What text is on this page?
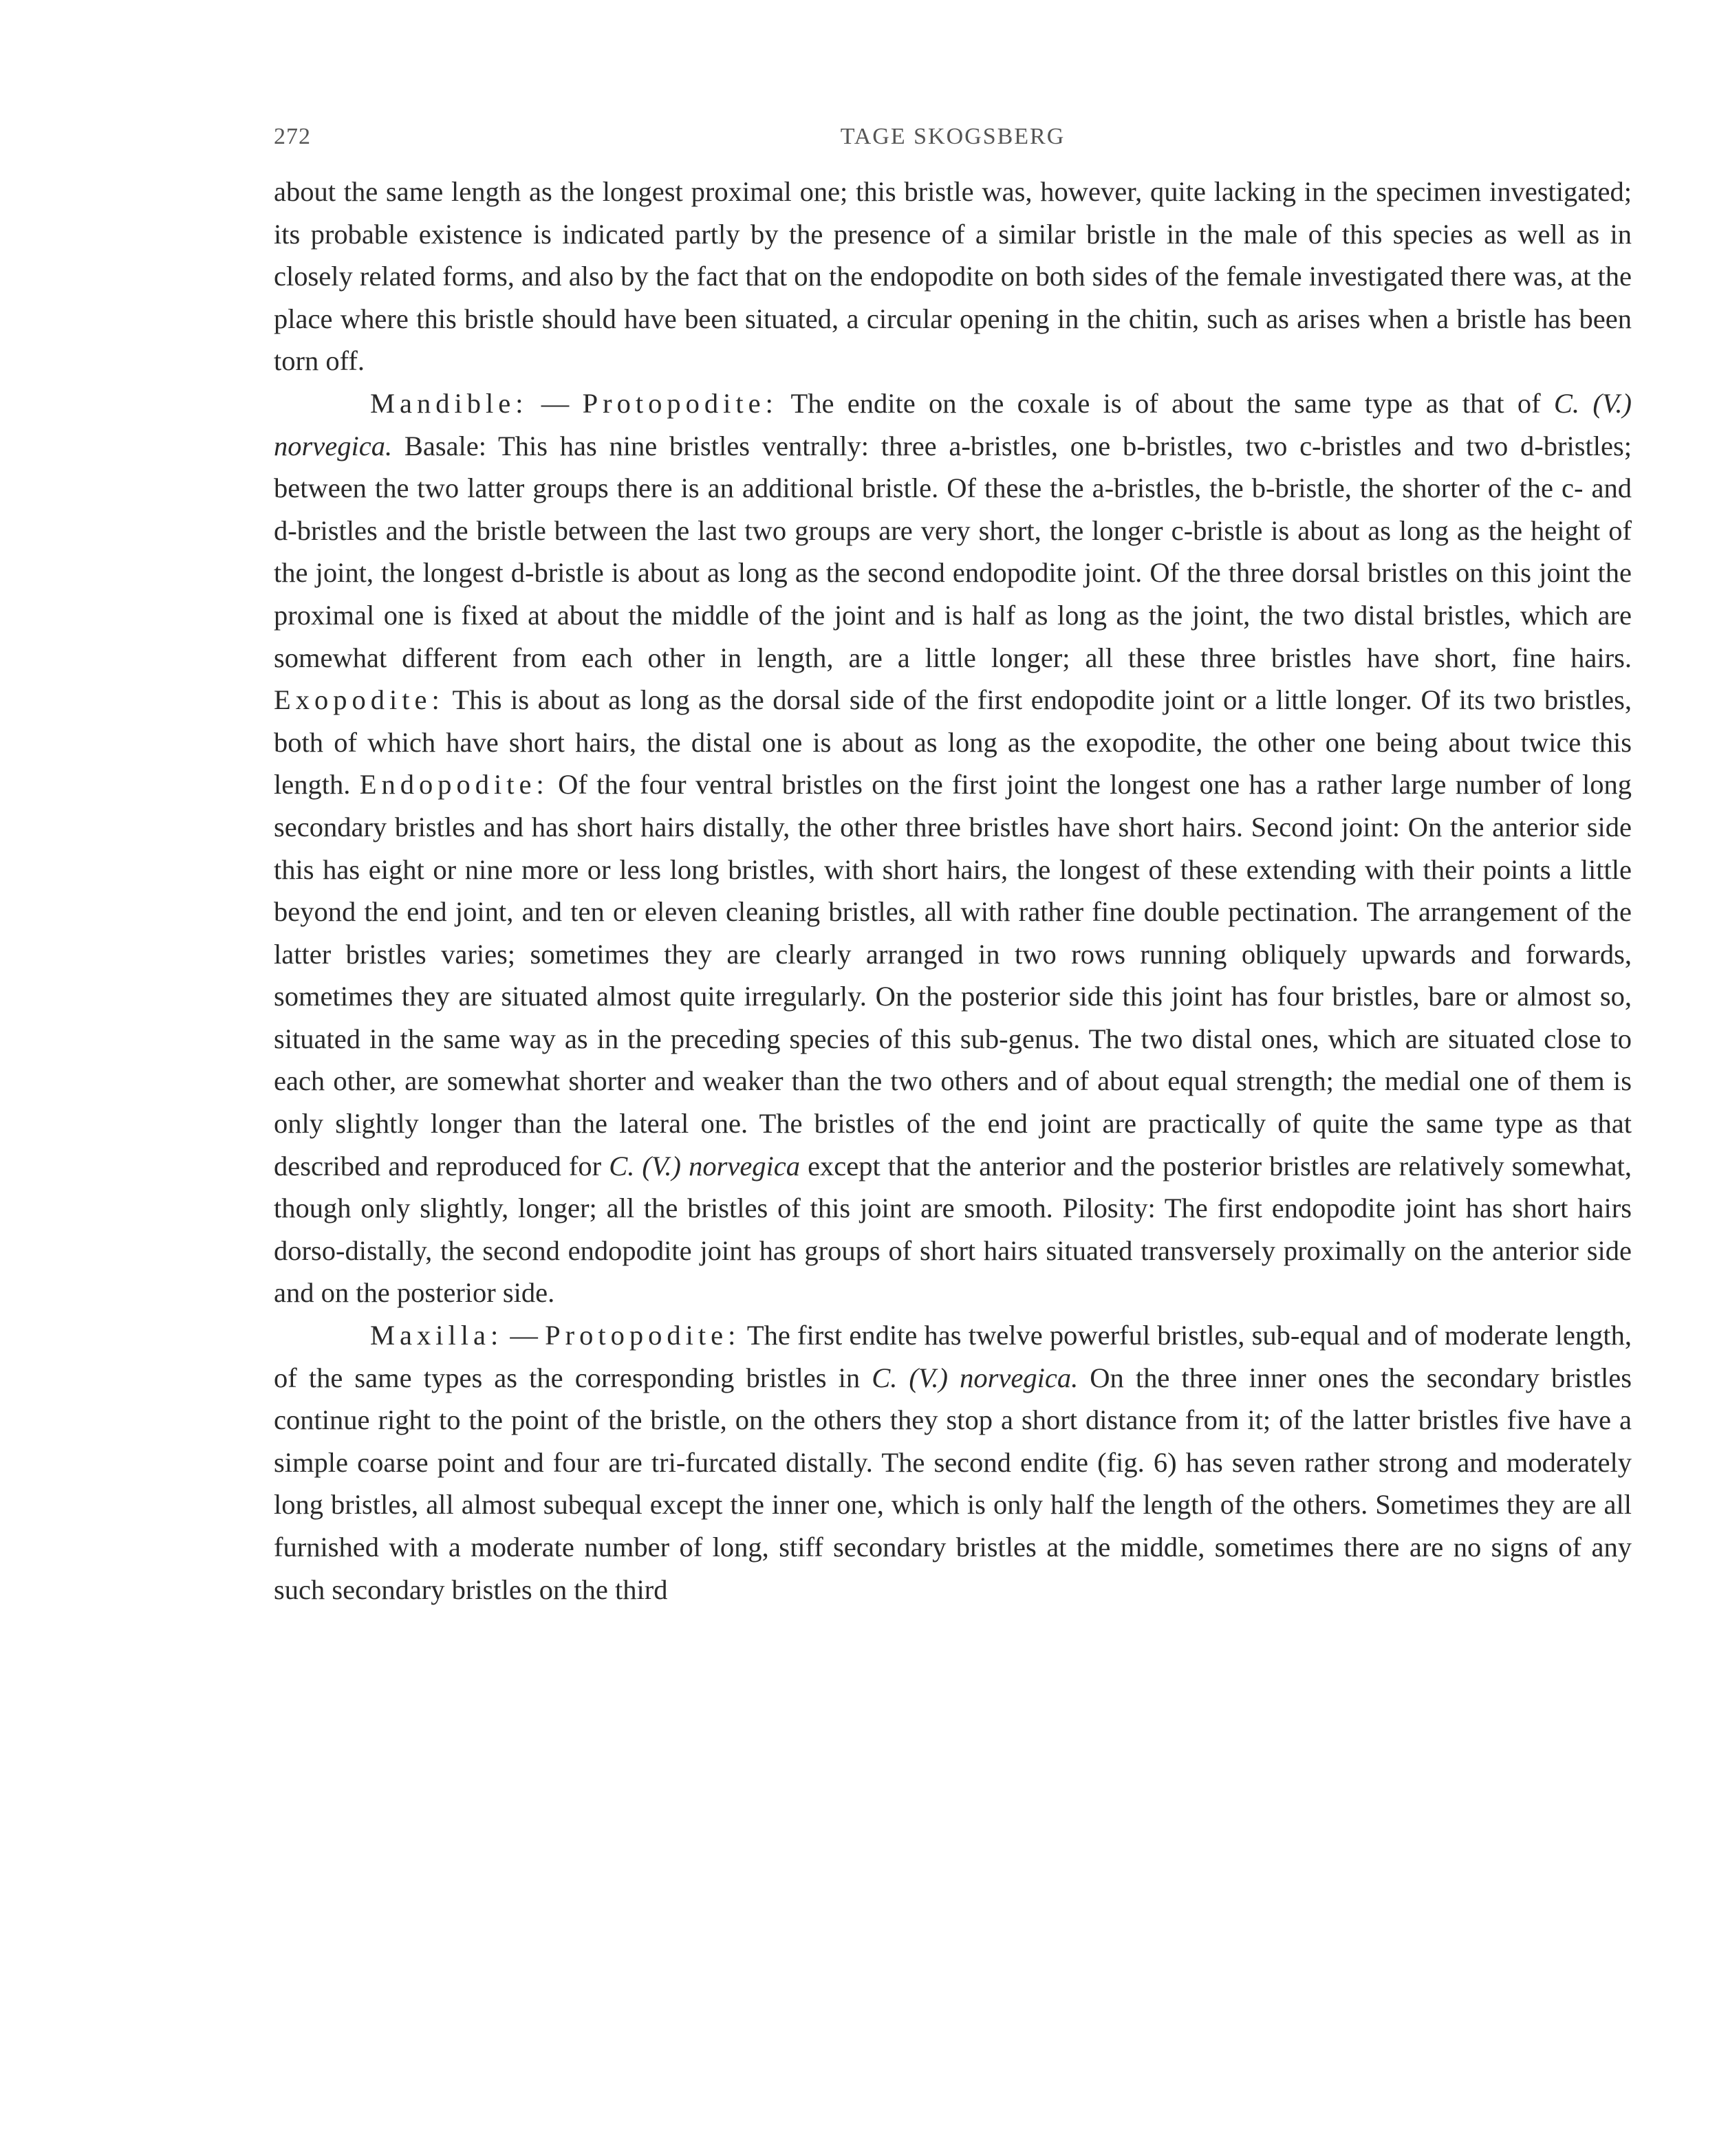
272	TAGE SKOGSBERG

about the same length as the longest proximal one; this bristle was, however, quite lacking in the specimen investigated; its probable existence is indicated partly by the presence of a similar bristle in the male of this species as well as in closely related forms, and also by the fact that on the endopodite on both sides of the female investigated there was, at the place where this bristle should have been situated, a circular opening in the chitin, such as arises when a bristle has been torn off.

Mandible: — Protopodite: The endite on the coxale is of about the same type as that of C. (V.) norvegica. Basale: This has nine bristles ventrally: three a-bristles, one b-bristles, two c-bristles and two d-bristles; between the two latter groups there is an additional bristle. Of these the a-bristles, the b-bristle, the shorter of the c- and d-bristles and the bristle between the last two groups are very short, the longer c-bristle is about as long as the height of the joint, the longest d-bristle is about as long as the second endopodite joint. Of the three dorsal bristles on this joint the proximal one is fixed at about the middle of the joint and is half as long as the joint, the two distal bristles, which are somewhat different from each other in length, are a little longer; all these three bristles have short, fine hairs. Exopodite: This is about as long as the dorsal side of the first endopodite joint or a little longer. Of its two bristles, both of which have short hairs, the distal one is about as long as the exopodite, the other one being about twice this length. Endopodite: Of the four ventral bristles on the first joint the longest one has a rather large number of long secondary bristles and has short hairs distally, the other three bristles have short hairs. Second joint: On the anterior side this has eight or nine more or less long bristles, with short hairs, the longest of these extending with their points a little beyond the end joint, and ten or eleven cleaning bristles, all with rather fine double pectination. The arrangement of the latter bristles varies; sometimes they are clearly arranged in two rows running obliquely upwards and forwards, sometimes they are situated almost quite irregularly. On the posterior side this joint has four bristles, bare or almost so, situated in the same way as in the preceding species of this sub-genus. The two distal ones, which are situated close to each other, are somewhat shorter and weaker than the two others and of about equal strength; the medial one of them is only slightly longer than the lateral one. The bristles of the end joint are practically of quite the same type as that described and reproduced for C. (V.) norvegica except that the anterior and the posterior bristles are relatively somewhat, though only slightly, longer; all the bristles of this joint are smooth. Pilosity: The first endopodite joint has short hairs dorso-distally, the second endopodite joint has groups of short hairs situated transversely proximally on the anterior side and on the posterior side.

Maxilla: — Protopodite: The first endite has twelve powerful bristles, sub-equal and of moderate length, of the same types as the corresponding bristles in C. (V.) norvegica. On the three inner ones the secondary bristles continue right to the point of the bristle, on the others they stop a short distance from it; of the latter bristles five have a simple coarse point and four are tri-furcated distally. The second endite (fig. 6) has seven rather strong and moderately long bristles, all almost subequal except the inner one, which is only half the length of the others. Sometimes they are all furnished with a moderate number of long, stiff secondary bristles at the middle, sometimes there are no signs of any such secondary bristles on the third
